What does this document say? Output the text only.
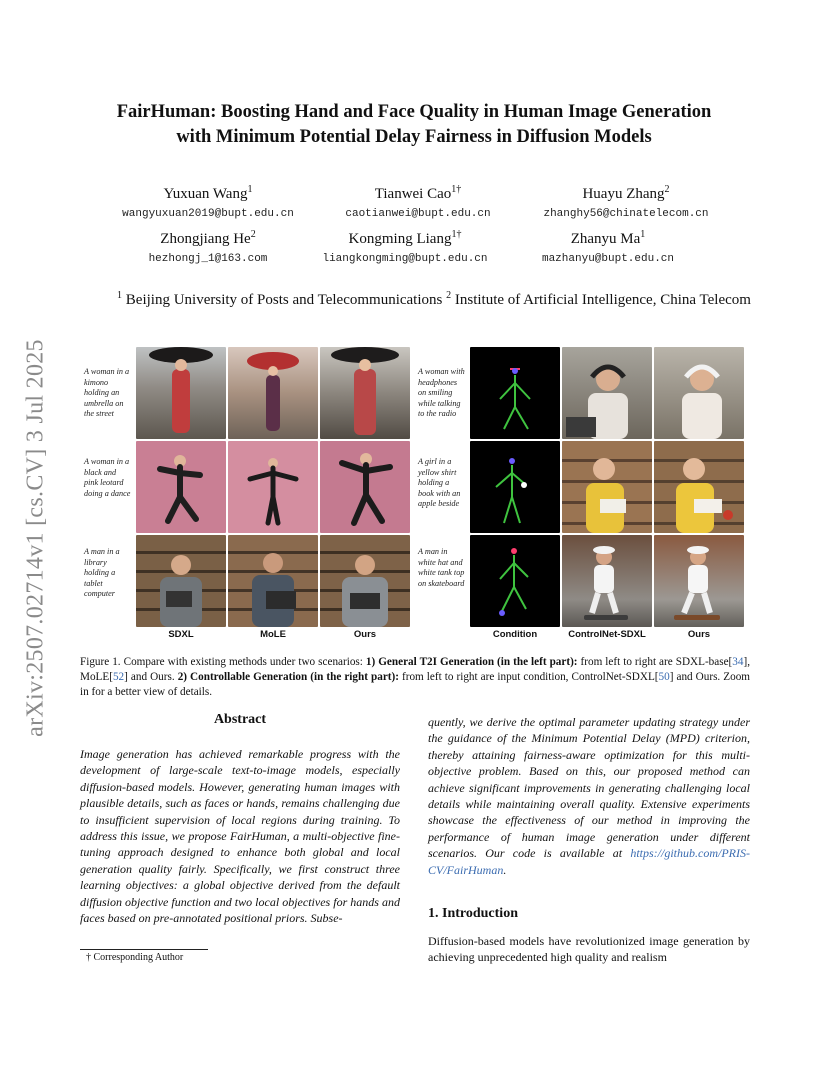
arXiv:2507.02714v1 [cs.CV] 3 Jul 2025
FairHuman: Boosting Hand and Face Quality in Human Image Generation
with Minimum Potential Delay Fairness in Diffusion Models
Yuxuan Wang$^1$
wangyuxuan2019@bupt.edu.cn
Tianwei Cao$^{1\dagger}$
caotianwei@bupt.edu.cn
Huayu Zhang$^2$
zhanghy56@chinatelecom.cn
Zhongjiang He$^2$
hezhongj_1@163.com
Kongming Liang$^{1\dagger}$
liangkongming@bupt.edu.cn
Zhanyu Ma$^1$
mazhanyu@bupt.edu.cn
$^1$ Beijing University of Posts and Telecommunications $^2$ Institute of Artificial Intelligence, China Telecom
A woman in a kimono holding an umbrella on the street
A woman in a black and pink leotard doing a dance
A man in a library holding a tablet computer
SDXL	MoLE	Ours
A woman with headphones on smiling while talking to the radio
A girl in a yellow shirt holding a book with an apple beside
A man in white hat and white tank top on skateboard
Condition	ControlNet-SDXL	Ours
Figure 1. Compare with existing methods under two scenarios: 1) General T2I Generation (in the left part): from left to right are SDXL-base[34], MoLE[52] and Ours. 2) Controllable Generation (in the right part): from left to right are input condition, ControlNet-SDXL[50] and Ours. Zoom in for a better view of details.
Abstract
Image generation has achieved remarkable progress with the development of large-scale text-to-image models, especially diffusion-based models. However, generating human images with plausible details, such as faces or hands, remains challenging due to insufficient supervision of local regions during training. To address this issue, we propose FairHuman, a multi-objective fine-tuning approach designed to enhance both global and local generation quality fairly. Specifically, we first construct three learning objectives: a global objective derived from the default diffusion objective function and two local objectives for hands and faces based on pre-annotated positional priors. Subse-
quently, we derive the optimal parameter updating strategy under the guidance of the Minimum Potential Delay (MPD) criterion, thereby attaining fairness-aware optimization for this multi-objective problem. Based on this, our proposed method can achieve significant improvements in generating challenging local details while maintaining overall quality. Extensive experiments showcase the effectiveness of our method in improving the performance of human image generation under different scenarios. Our code is available at https://github.com/PRIS-CV/FairHuman.
1. Introduction
Diffusion-based models have revolutionized image generation by achieving unprecedented high quality and realism
† Corresponding Author
